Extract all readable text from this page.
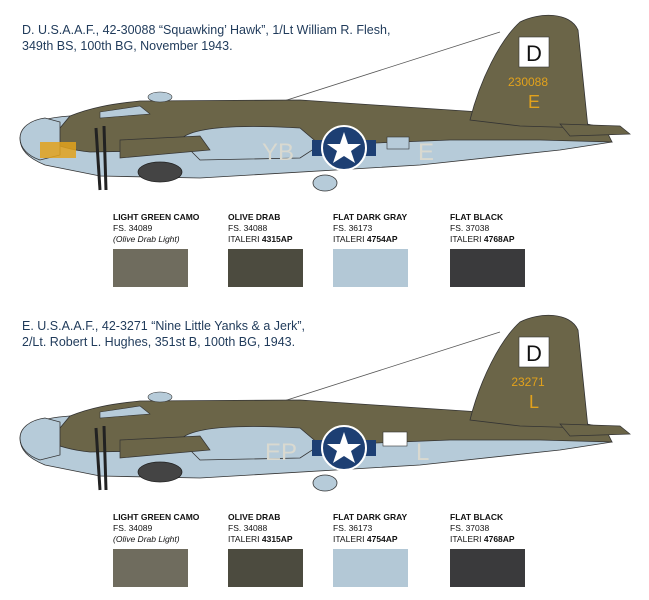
D. U.S.A.A.F., 42-30088 “Squawking’ Hawk”, 1/Lt William R. Flesh,
349th BS, 100th BG, November 1943.	D
230088
E
YB	E
LIGHT GREEN CAMO
FS. 34089
(Olive Drab Light)
OLIVE DRAB
FS. 34088
ITALERI 4315AP
FLAT DARK GRAY
FS. 36173
ITALERI 4754AP
FLAT BLACK
FS. 37038
ITALERI 4768AP
E. U.S.A.A.F., 42-3271 “Nine Little Yanks & a Jerk”,
2/Lt. Robert L. Hughes, 351st B, 100th BG, 1943.	D
23271
L
EP	L
LIGHT GREEN CAMO
FS. 34089
(Olive Drab Light)
OLIVE DRAB
FS. 34088
ITALERI 4315AP
FLAT DARK GRAY
FS. 36173
ITALERI 4754AP
FLAT BLACK
FS. 37038
ITALERI 4768AP
